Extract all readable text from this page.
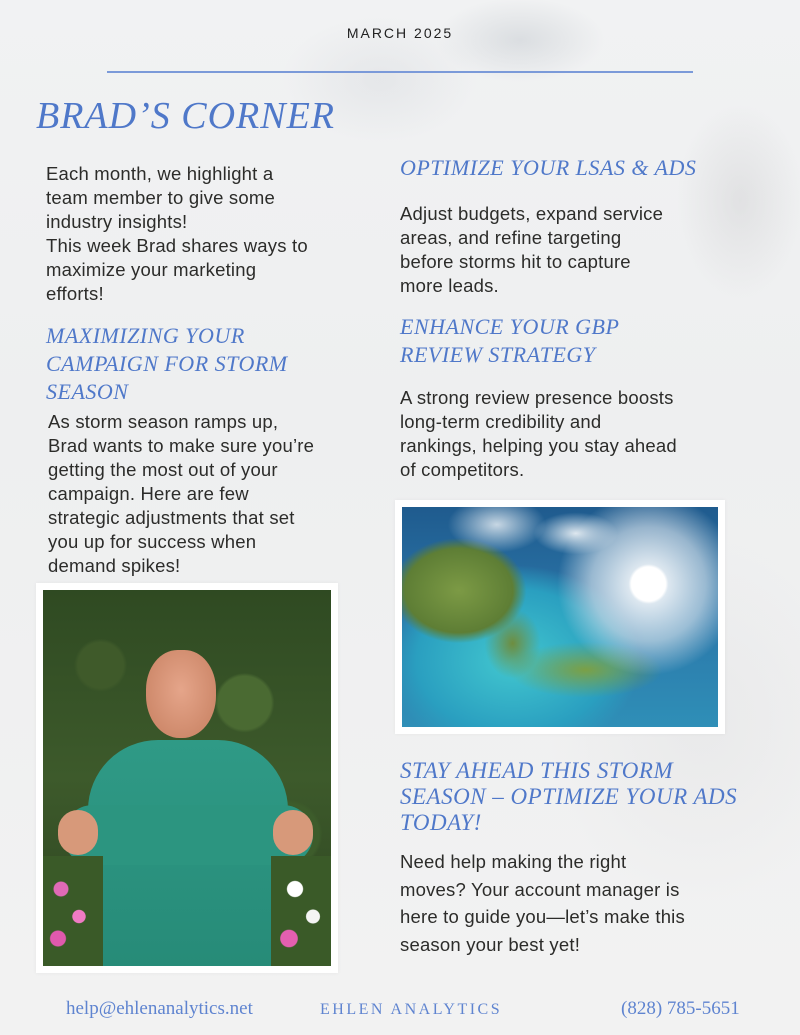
MARCH 2025
BRAD’S CORNER
Each month, we highlight a
team member to give some
industry insights!
This week Brad shares ways to
maximize your marketing
efforts!
MAXIMIZING YOUR
CAMPAIGN FOR STORM
SEASON
As storm season ramps up,
Brad wants to make sure you’re
getting the most out of your
campaign. Here are few
strategic adjustments that set
you up for success when
demand spikes!
OPTIMIZE YOUR LSAS & ADS
Adjust budgets, expand service
areas, and refine targeting
before storms hit to capture
more leads.
ENHANCE YOUR GBP
REVIEW STRATEGY
A strong review presence boosts
long-term credibility and
rankings, helping you stay ahead
of competitors.
STAY AHEAD THIS STORM
SEASON – OPTIMIZE YOUR ADS
TODAY!
Need help making the right
moves? Your account manager is
here to guide you—let’s make this
season your best yet!
help@ehlenanalytics.net	EHLEN ANALYTICS	(828) 785-5651
